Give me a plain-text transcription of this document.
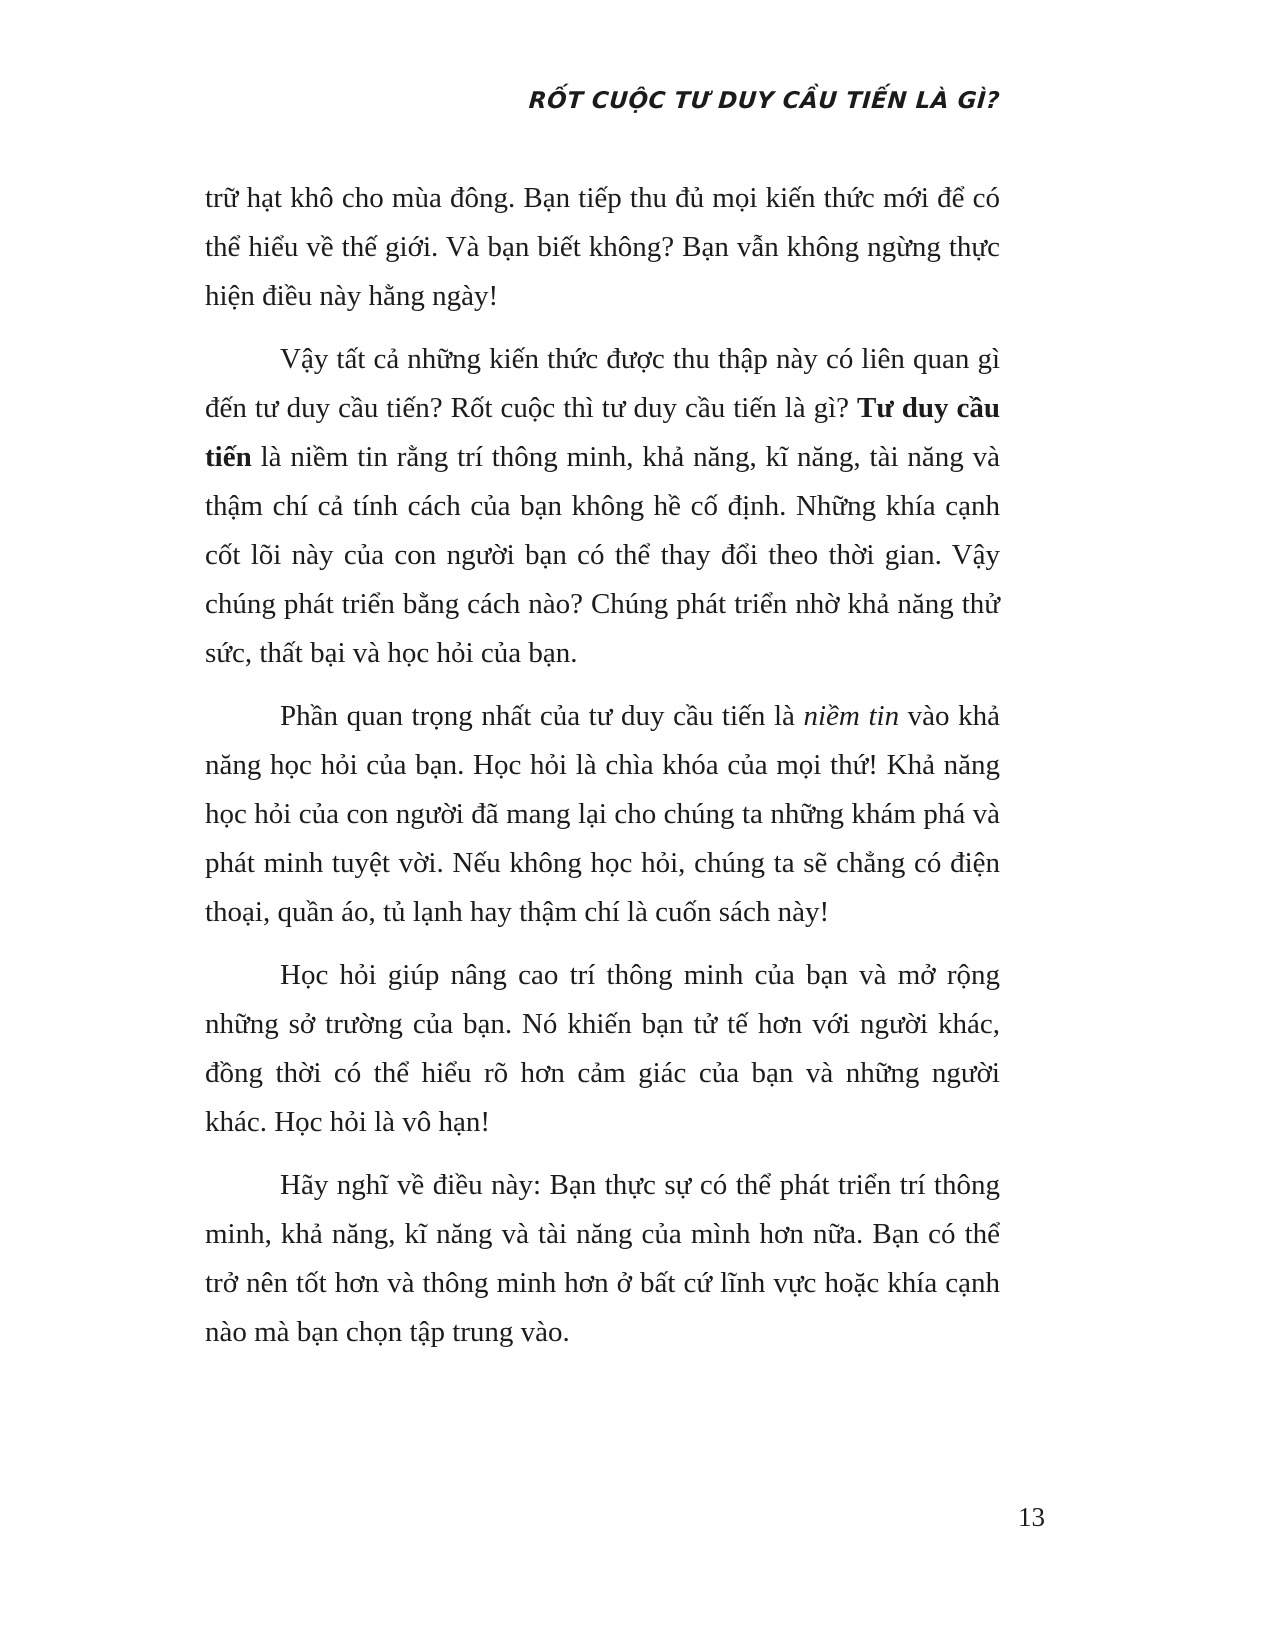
RỐT CUỘC TƯ DUY CẦU TIẾN LÀ GÌ?

trữ hạt khô cho mùa đông. Bạn tiếp thu đủ mọi kiến thức mới để có thể hiểu về thế giới. Và bạn biết không? Bạn vẫn không ngừng thực hiện điều này hằng ngày!

Vậy tất cả những kiến thức được thu thập này có liên quan gì đến tư duy cầu tiến? Rốt cuộc thì tư duy cầu tiến là gì? Tư duy cầu tiến là niềm tin rằng trí thông minh, khả năng, kĩ năng, tài năng và thậm chí cả tính cách của bạn không hề cố định. Những khía cạnh cốt lõi này của con người bạn có thể thay đổi theo thời gian. Vậy chúng phát triển bằng cách nào? Chúng phát triển nhờ khả năng thử sức, thất bại và học hỏi của bạn.

Phần quan trọng nhất của tư duy cầu tiến là niềm tin vào khả năng học hỏi của bạn. Học hỏi là chìa khóa của mọi thứ! Khả năng học hỏi của con người đã mang lại cho chúng ta những khám phá và phát minh tuyệt vời. Nếu không học hỏi, chúng ta sẽ chẳng có điện thoại, quần áo, tủ lạnh hay thậm chí là cuốn sách này!

Học hỏi giúp nâng cao trí thông minh của bạn và mở rộng những sở trường của bạn. Nó khiến bạn tử tế hơn với người khác, đồng thời có thể hiểu rõ hơn cảm giác của bạn và những người khác. Học hỏi là vô hạn!

Hãy nghĩ về điều này: Bạn thực sự có thể phát triển trí thông minh, khả năng, kĩ năng và tài năng của mình hơn nữa. Bạn có thể trở nên tốt hơn và thông minh hơn ở bất cứ lĩnh vực hoặc khía cạnh nào mà bạn chọn tập trung vào.

13
